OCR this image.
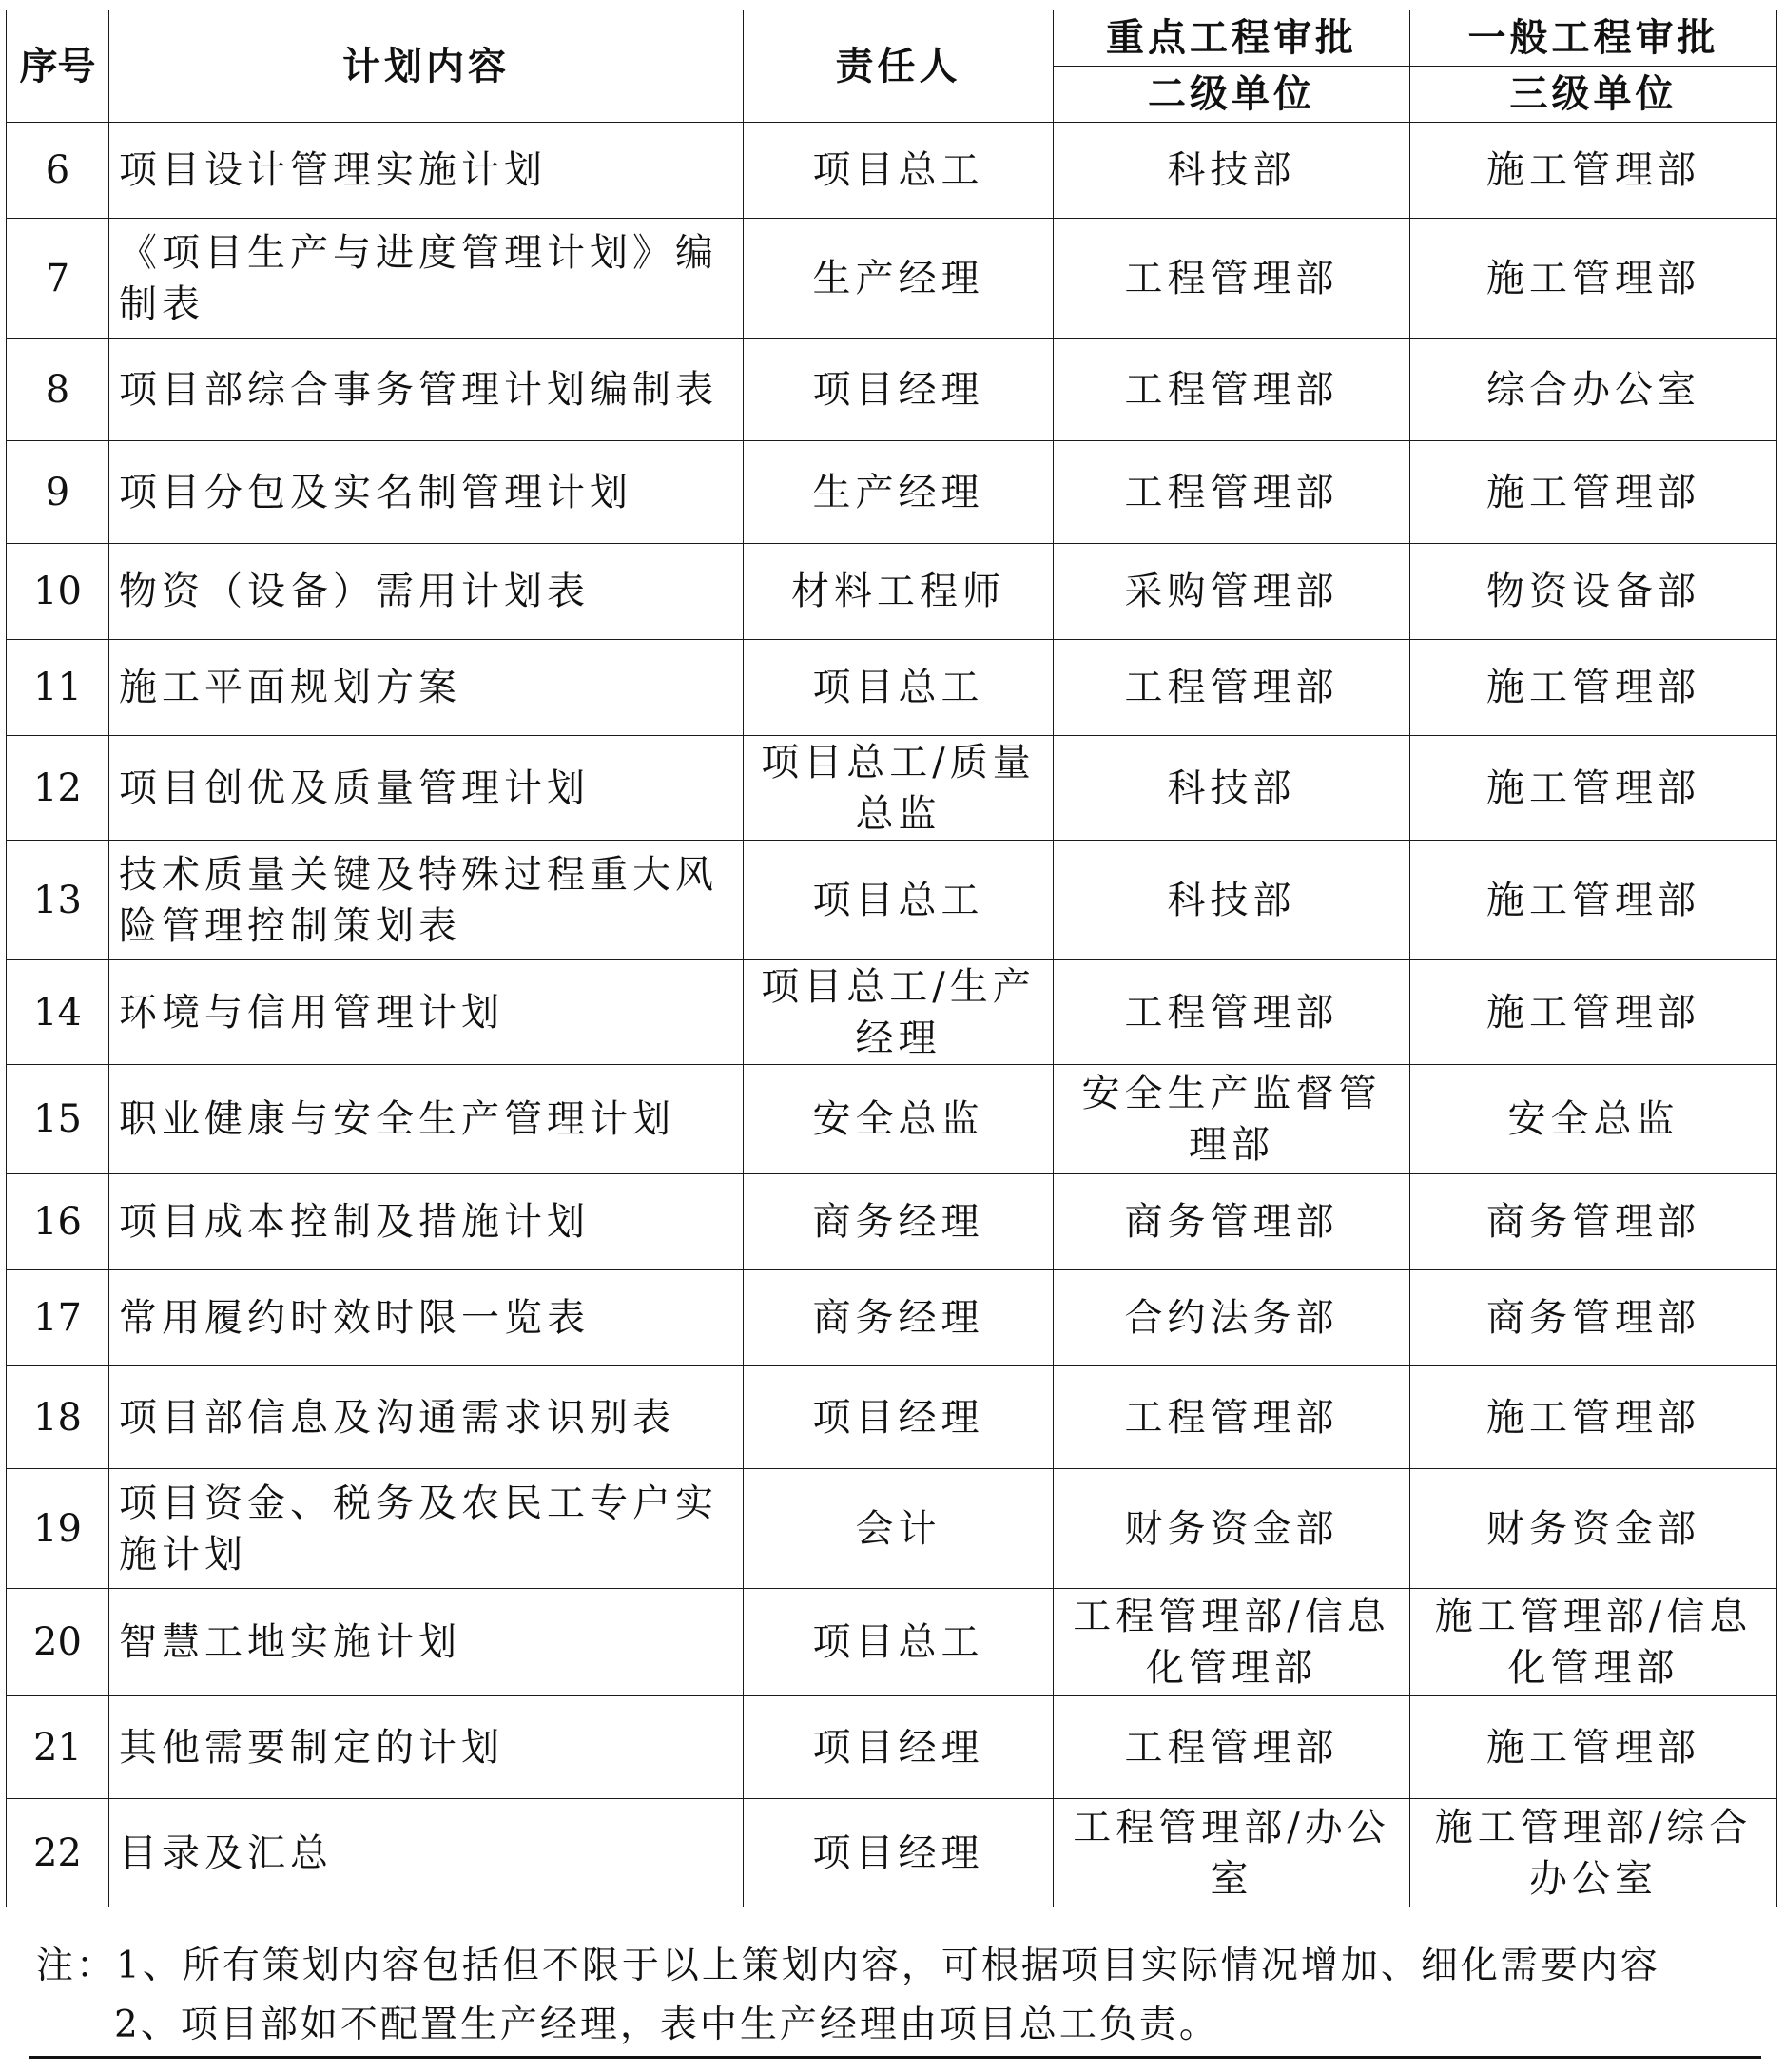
序号	计划内容	责任人	重点工程审批	一般工程审批
			二级单位	三级单位
6	项目设计管理实施计划	项目总工	科技部	施工管理部
7	《项目生产与进度管理计划》编制表	生产经理	工程管理部	施工管理部
8	项目部综合事务管理计划编制表	项目经理	工程管理部	综合办公室
9	项目分包及实名制管理计划	生产经理	工程管理部	施工管理部
10	物资（设备）需用计划表	材料工程师	采购管理部	物资设备部
11	施工平面规划方案	项目总工	工程管理部	施工管理部
12	项目创优及质量管理计划	项目总工/质量总监	科技部	施工管理部
13	技术质量关键及特殊过程重大风险管理控制策划表	项目总工	科技部	施工管理部
14	环境与信用管理计划	项目总工/生产经理	工程管理部	施工管理部
15	职业健康与安全生产管理计划	安全总监	安全生产监督管理部	安全总监
16	项目成本控制及措施计划	商务经理	商务管理部	商务管理部
17	常用履约时效时限一览表	商务经理	合约法务部	商务管理部
18	项目部信息及沟通需求识别表	项目经理	工程管理部	施工管理部
19	项目资金、税务及农民工专户实施计划	会计	财务资金部	财务资金部
20	智慧工地实施计划	项目总工	工程管理部/信息化管理部	施工管理部/信息化管理部
21	其他需要制定的计划	项目经理	工程管理部	施工管理部
22	目录及汇总	项目经理	工程管理部/办公室	施工管理部/综合办公室
注：1、所有策划内容包括但不限于以上策划内容，可根据项目实际情况增加、细化需要内容
2、项目部如不配置生产经理，表中生产经理由项目总工负责。
